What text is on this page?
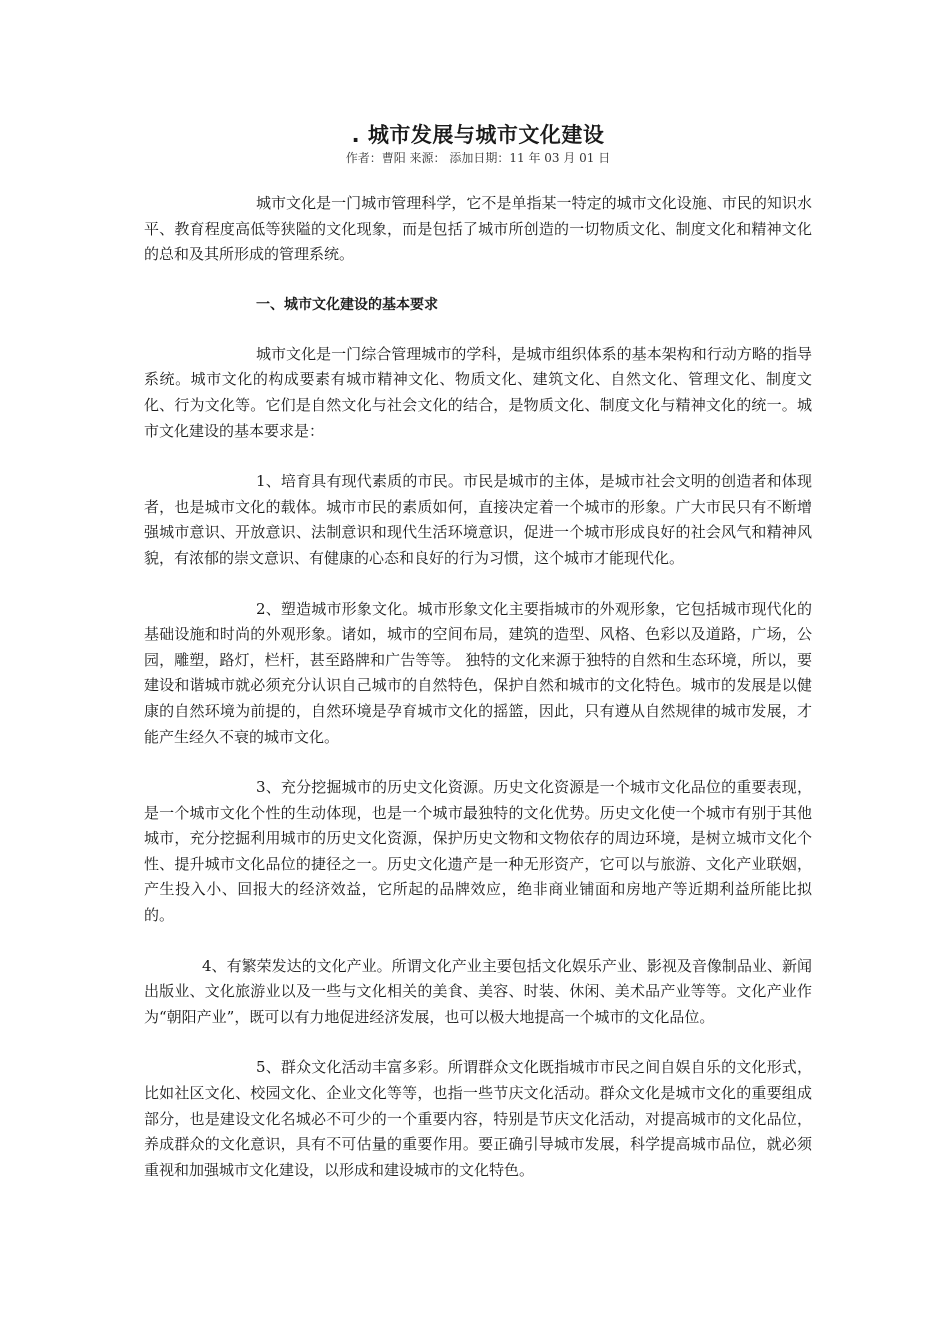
. 城市发展与城市文化建设

作者：曹阳 来源： 添加日期：11 年 03 月 01 日

城市文化是一门城市管理科学，它不是单指某一特定的城市文化设施、市民的知识水平、教育程度高低等狭隘的文化现象，而是包括了城市所创造的一切物质文化、制度文化和精神文化的总和及其所形成的管理系统。

一、城市文化建设的基本要求

城市文化是一门综合管理城市的学科，是城市组织体系的基本架构和行动方略的指导系统。城市文化的构成要素有城市精神文化、物质文化、建筑文化、自然文化、管理文化、制度文化、行为文化等。它们是自然文化与社会文化的结合，是物质文化、制度文化与精神文化的统一。城市文化建设的基本要求是：

1、培育具有现代素质的市民。市民是城市的主体，是城市社会文明的创造者和体现者，也是城市文化的载体。城市市民的素质如何，直接决定着一个城市的形象。广大市民只有不断增强城市意识、开放意识、法制意识和现代生活环境意识，促进一个城市形成良好的社会风气和精神风貌，有浓郁的崇文意识、有健康的心态和良好的行为习惯，这个城市才能现代化。

2、塑造城市形象文化。城市形象文化主要指城市的外观形象，它包括城市现代化的基础设施和时尚的外观形象。诸如，城市的空间布局，建筑的造型、风格、色彩以及道路，广场，公园，雕塑，路灯，栏杆，甚至路牌和广告等等。 独特的文化来源于独特的自然和生态环境，所以，要建设和谐城市就必须充分认识自己城市的自然特色，保护自然和城市的文化特色。城市的发展是以健康的自然环境为前提的，自然环境是孕育城市文化的摇篮，因此，只有遵从自然规律的城市发展，才能产生经久不衰的城市文化。

3、充分挖掘城市的历史文化资源。历史文化资源是一个城市文化品位的重要表现，是一个城市文化个性的生动体现，也是一个城市最独特的文化优势。历史文化使一个城市有别于其他城市，充分挖掘利用城市的历史文化资源，保护历史文物和文物依存的周边环境，是树立城市文化个性、提升城市文化品位的捷径之一。历史文化遗产是一种无形资产，它可以与旅游、文化产业联姻，产生投入小、回报大的经济效益，它所起的品牌效应，绝非商业铺面和房地产等近期利益所能比拟的。

4、有繁荣发达的文化产业。所谓文化产业主要包括文化娱乐产业、影视及音像制品业、新闻出版业、文化旅游业以及一些与文化相关的美食、美容、时装、休闲、美术品产业等等。文化产业作为“朝阳产业”，既可以有力地促进经济发展，也可以极大地提高一个城市的文化品位。

5、群众文化活动丰富多彩。所谓群众文化既指城市市民之间自娱自乐的文化形式，比如社区文化、校园文化、企业文化等等，也指一些节庆文化活动。群众文化是城市文化的重要组成部分，也是建设文化名城必不可少的一个重要内容，特别是节庆文化活动，对提高城市的文化品位，养成群众的文化意识，具有不可估量的重要作用。要正确引导城市发展，科学提高城市品位，就必须重视和加强城市文化建设，以形成和建设城市的文化特色。
